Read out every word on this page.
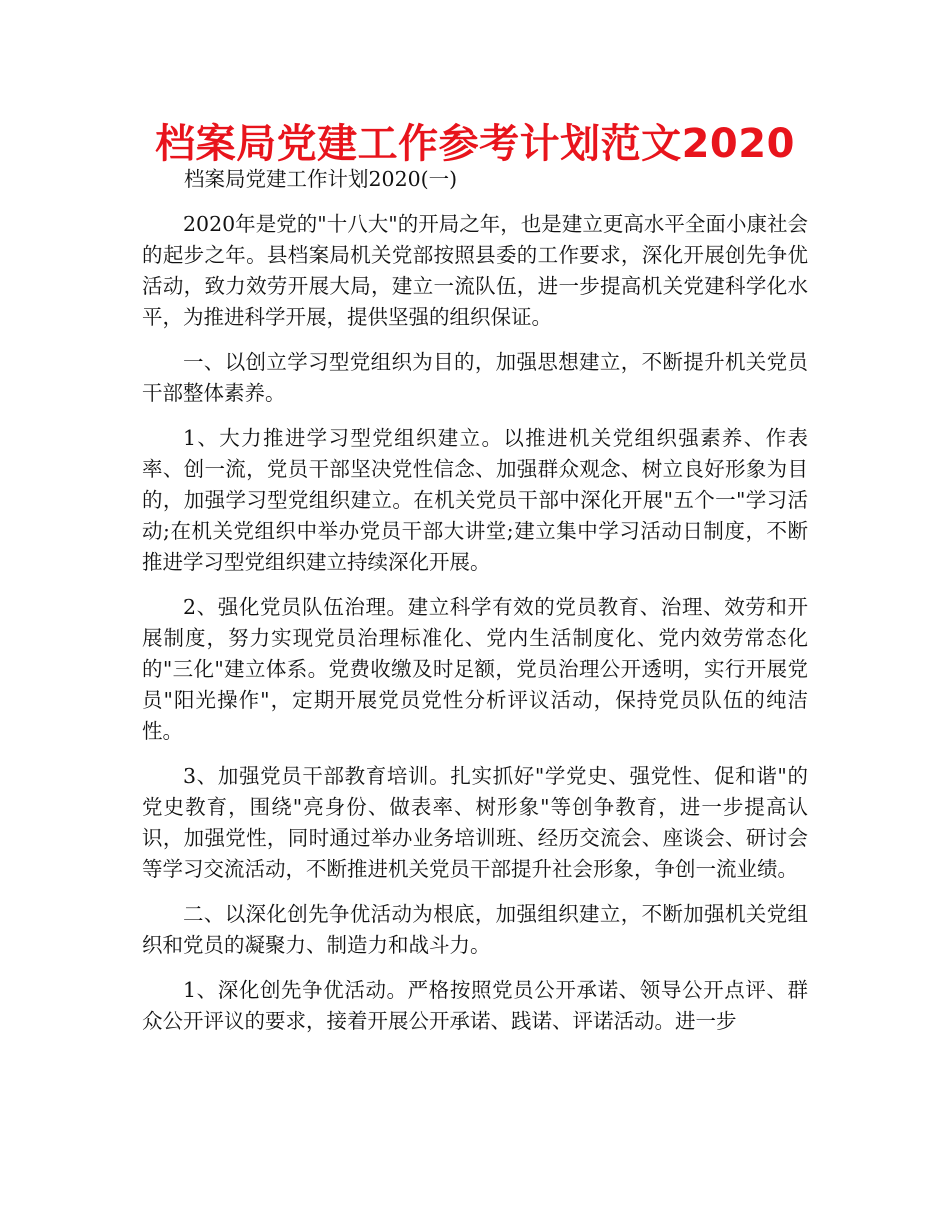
档案局党建工作参考计划范文2020

档案局党建工作计划2020(一)

2020年是党的"十八大"的开局之年，也是建立更高水平全面小康社会的起步之年。县档案局机关党部按照县委的工作要求，深化开展创先争优活动，致力效劳开展大局，建立一流队伍，进一步提高机关党建科学化水平，为推进科学开展，提供坚强的组织保证。

一、以创立学习型党组织为目的，加强思想建立，不断提升机关党员干部整体素养。

1、大力推进学习型党组织建立。以推进机关党组织强素养、作表率、创一流，党员干部坚决党性信念、加强群众观念、树立良好形象为目的，加强学习型党组织建立。在机关党员干部中深化开展"五个一"学习活动;在机关党组织中举办党员干部大讲堂;建立集中学习活动日制度，不断推进学习型党组织建立持续深化开展。

2、强化党员队伍治理。建立科学有效的党员教育、治理、效劳和开展制度，努力实现党员治理标准化、党内生活制度化、党内效劳常态化的"三化"建立体系。党费收缴及时足额，党员治理公开透明，实行开展党员"阳光操作"，定期开展党员党性分析评议活动，保持党员队伍的纯洁性。

3、加强党员干部教育培训。扎实抓好"学党史、强党性、促和谐"的党史教育，围绕"亮身份、做表率、树形象"等创争教育，进一步提高认识，加强党性，同时通过举办业务培训班、经历交流会、座谈会、研讨会等学习交流活动，不断推进机关党员干部提升社会形象，争创一流业绩。

二、以深化创先争优活动为根底，加强组织建立，不断加强机关党组织和党员的凝聚力、制造力和战斗力。

1、深化创先争优活动。严格按照党员公开承诺、领导公开点评、群众公开评议的要求，接着开展公开承诺、践诺、评诺活动。进一步
